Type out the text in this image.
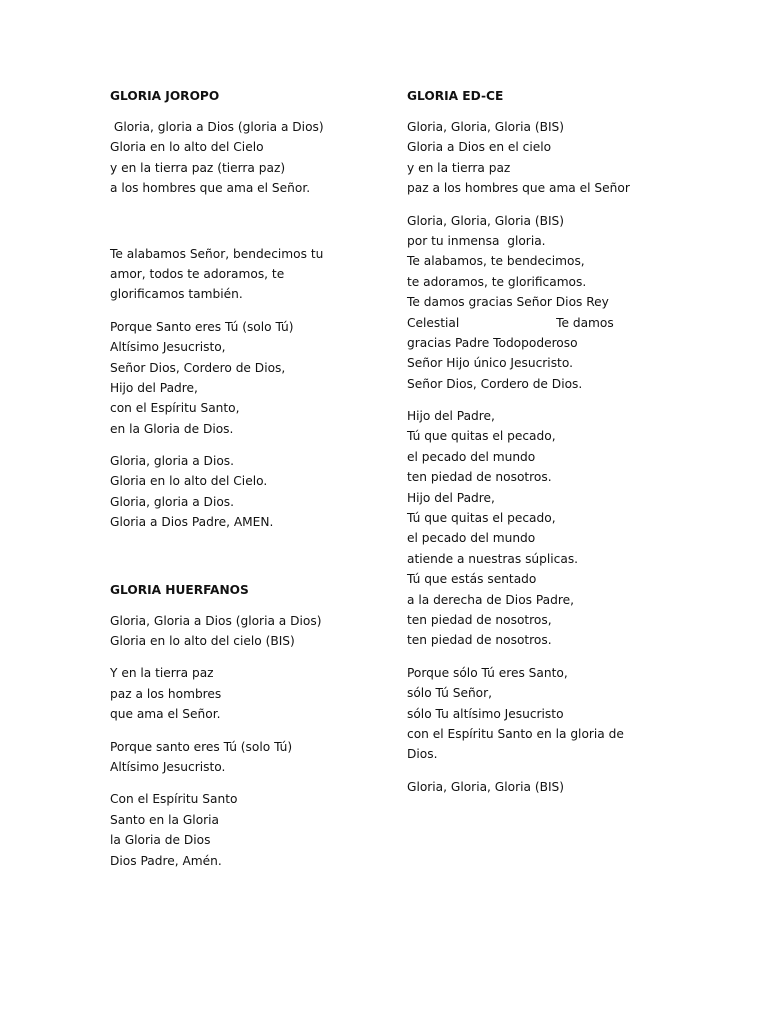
GLORIA JOROPO
Gloria, gloria a Dios (gloria a Dios)
Gloria en lo alto del Cielo
y en la tierra paz (tierra paz)
a los hombres que ama el Señor.
Te alabamos Señor, bendecimos tu
amor, todos te adoramos, te
glorificamos también.
Porque Santo eres Tú (solo Tú)
Altísimo Jesucristo,
Señor Dios, Cordero de Dios,
Hijo del Padre,
con el Espíritu Santo,
en la Gloria de Dios.
Gloria, gloria a Dios.
Gloria en lo alto del Cielo.
Gloria, gloria a Dios.
Gloria a Dios Padre, AMEN.
GLORIA HUERFANOS
Gloria, Gloria a Dios (gloria a Dios)
Gloria en lo alto del cielo (BIS)
Y en la tierra paz
paz a los hombres
que ama el Señor.
Porque santo eres Tú (solo Tú)
Altísimo Jesucristo.
Con el Espíritu Santo
Santo en la Gloria
la Gloria de Dios
Dios Padre, Amén.
GLORIA ED-CE
Gloria, Gloria, Gloria (BIS)
Gloria a Dios en el cielo
y en la tierra paz
paz a los hombres que ama el Señor
Gloria, Gloria, Gloria (BIS)
por tu inmensa  gloria.
Te alabamos, te bendecimos,
te adoramos, te glorificamos.
Te damos gracias Señor Dios Rey
Celestial                         Te damos
gracias Padre Todopoderoso
Señor Hijo único Jesucristo.
Señor Dios, Cordero de Dios.
Hijo del Padre,
Tú que quitas el pecado,
el pecado del mundo
ten piedad de nosotros.
Hijo del Padre,
Tú que quitas el pecado,
el pecado del mundo
atiende a nuestras súplicas.
Tú que estás sentado
a la derecha de Dios Padre,
ten piedad de nosotros,
ten piedad de nosotros.
Porque sólo Tú eres Santo,
sólo Tú Señor,
sólo Tu altísimo Jesucristo
con el Espíritu Santo en la gloria de
Dios.
Gloria, Gloria, Gloria (BIS)
